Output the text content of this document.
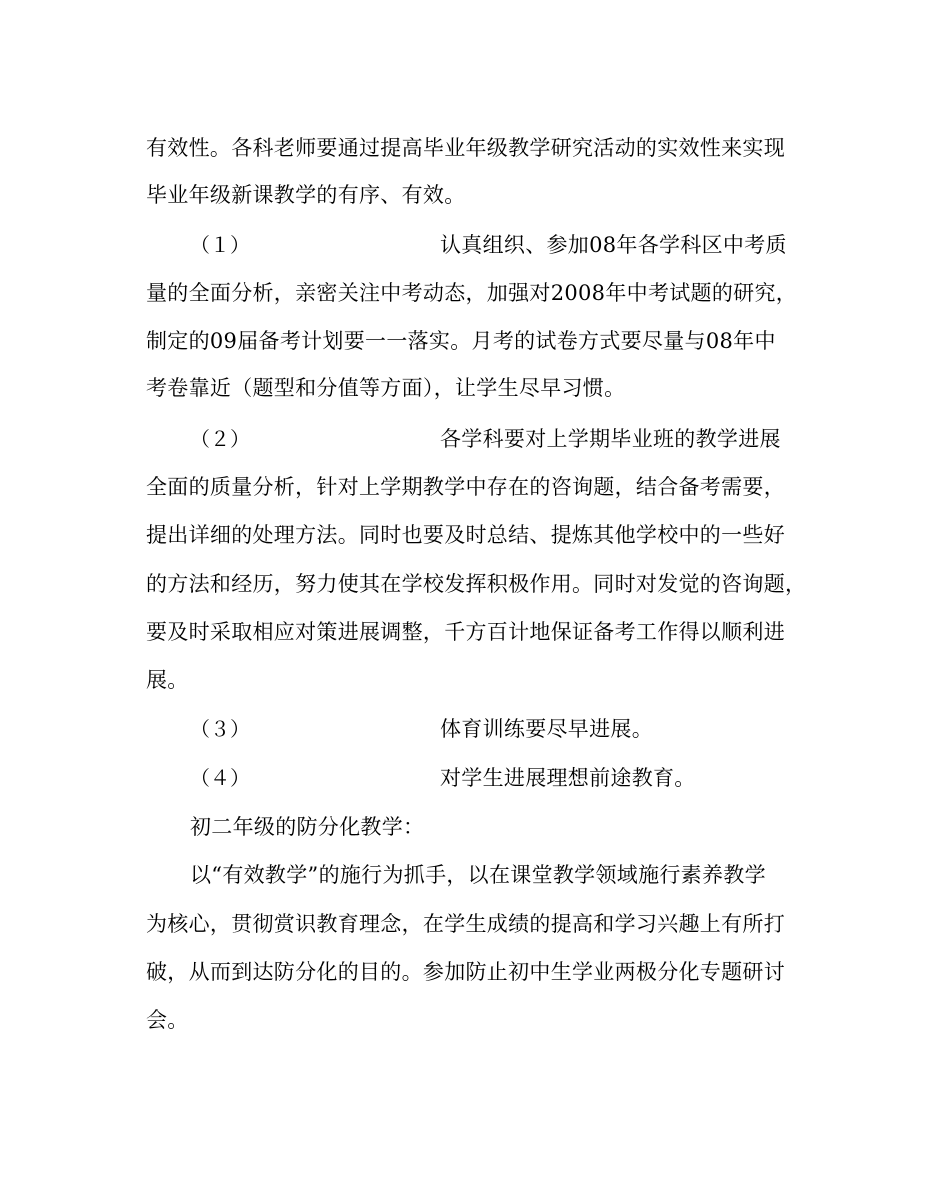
有效性。各科老师要通过提高毕业年级教学研究活动的实效性来实现
毕业年级新课教学的有序、有效。
（１）	认真组织、参加08年各学科区中考质
量的全面分析，亲密关注中考动态，加强对2008年中考试题的研究，
制定的09届备考计划要一一落实。月考的试卷方式要尽量与08年中
考卷靠近（题型和分值等方面），让学生尽早习惯。
（２）	各学科要对上学期毕业班的教学进展
全面的质量分析，针对上学期教学中存在的咨询题，结合备考需要，
提出详细的处理方法。同时也要及时总结、提炼其他学校中的一些好
的方法和经历，努力使其在学校发挥积极作用。同时对发觉的咨询题，
要及时采取相应对策进展调整，千方百计地保证备考工作得以顺利进
展。
（３）	体育训练要尽早进展。
（４）	对学生进展理想前途教育。
初二年级的防分化教学：
以“有效教学”的施行为抓手，以在课堂教学领域施行素养教学
为核心，贯彻赏识教育理念，在学生成绩的提高和学习兴趣上有所打
破，从而到达防分化的目的。参加防止初中生学业两极分化专题研讨
会。
